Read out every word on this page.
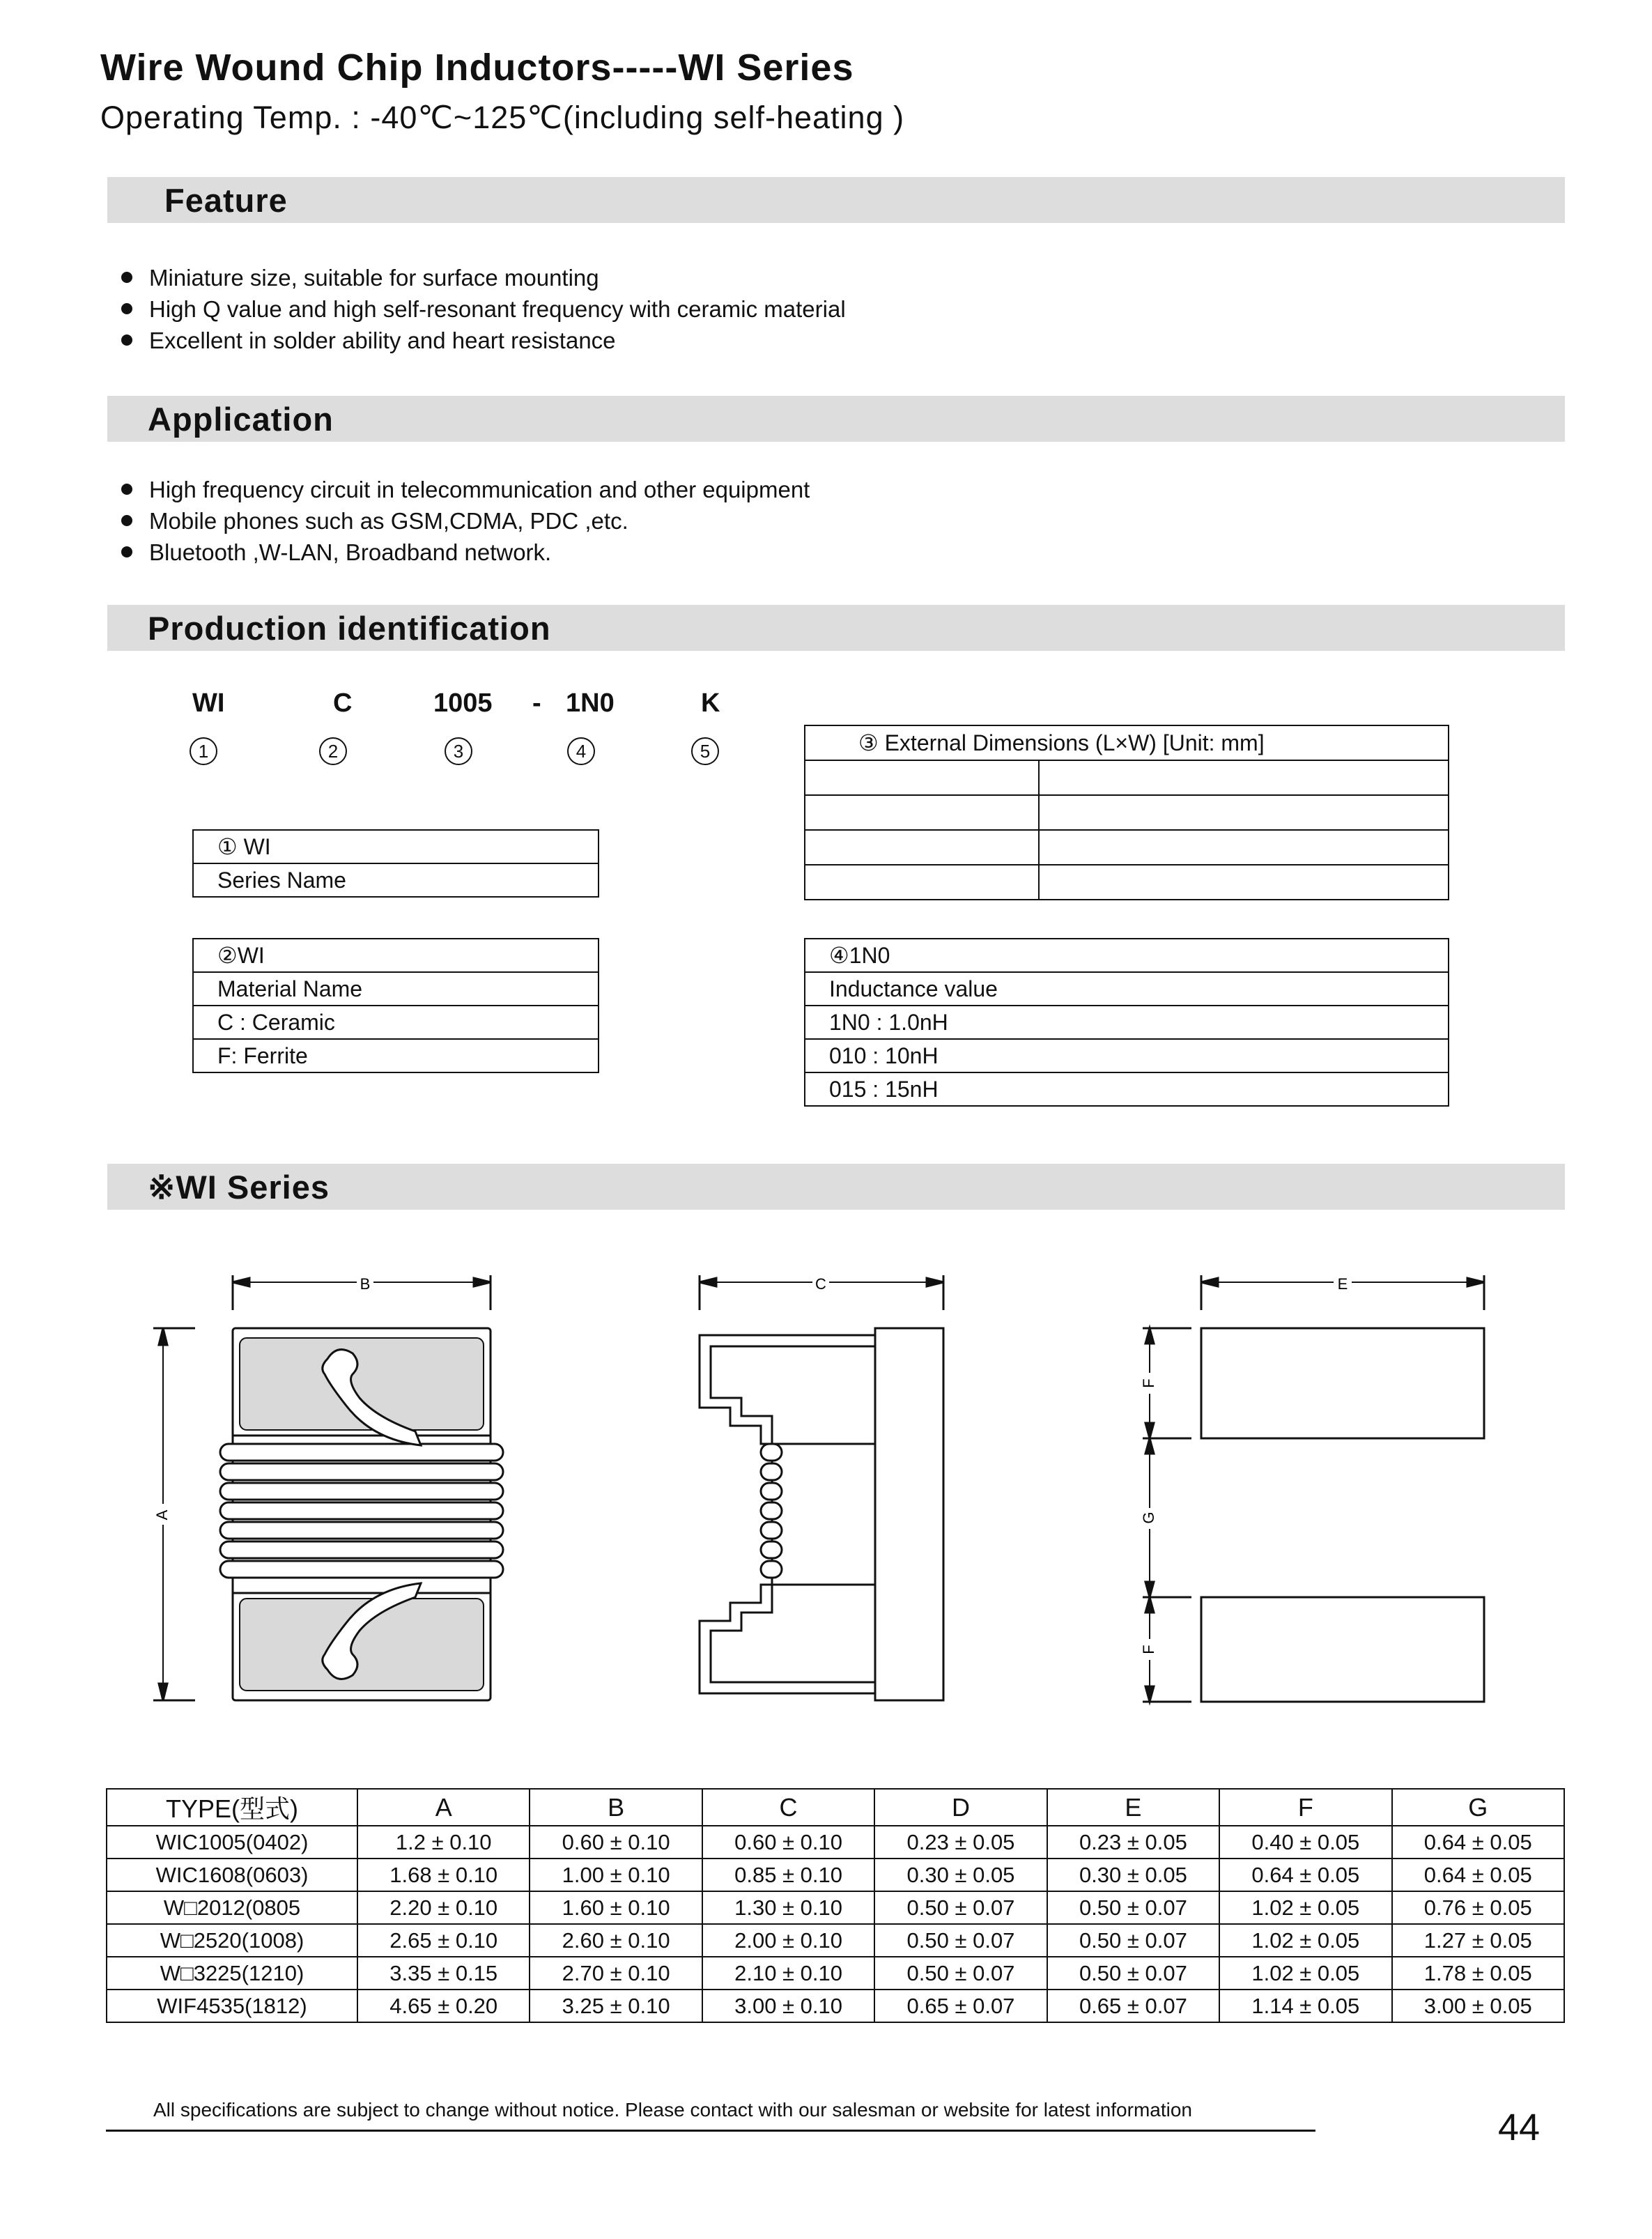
Wire Wound Chip Inductors-----WI Series
Operating Temp. : -40℃~125℃(including self-heating )
Feature
Miniature size, suitable for surface mounting
High Q value and high self-resonant frequency with ceramic material
Excellent in solder ability and heart resistance
Application
High frequency circuit in telecommunication and other equipment
Mobile phones such as GSM,CDMA, PDC ,etc.
Bluetooth ,W-LAN, Broadband network.
Production identification
WI	C	1005 - 1N0	K
1	2	3	4	5
① WI
Series Name
②WI
Material Name
C : Ceramic
F: Ferrite
③ External Dimensions (L×W) [Unit: mm]	

④1N0
Inductance value
1N0 : 1.0nH
010 : 10nH
015 : 15nH
※WI Series
B
A
C	E
F
G
F
TYPE(型式)	A	B	C	D	E	F	G
WIC1005(0402)	1.2 ± 0.10	0.60 ± 0.10	0.60 ± 0.10	0.23 ± 0.05	0.23 ± 0.05	0.40 ± 0.05	0.64 ± 0.05
WIC1608(0603)	1.68 ± 0.10	1.00 ± 0.10	0.85 ± 0.10	0.30 ± 0.05	0.30 ± 0.05	0.64 ± 0.05	0.64 ± 0.05
W□2012(0805	2.20 ± 0.10	1.60 ± 0.10	1.30 ± 0.10	0.50 ± 0.07	0.50 ± 0.07	1.02 ± 0.05	0.76 ± 0.05
W□2520(1008)	2.65 ± 0.10	2.60 ± 0.10	2.00 ± 0.10	0.50 ± 0.07	0.50 ± 0.07	1.02 ± 0.05	1.27 ± 0.05
W□3225(1210)	3.35 ± 0.15	2.70 ± 0.10	2.10 ± 0.10	0.50 ± 0.07	0.50 ± 0.07	1.02 ± 0.05	1.78 ± 0.05
WIF4535(1812)	4.65 ± 0.20	3.25 ± 0.10	3.00 ± 0.10	0.65 ± 0.07	0.65 ± 0.07	1.14 ± 0.05	3.00 ± 0.05
All specifications are subject to change without notice. Please contact with our salesman or website for latest information	44
